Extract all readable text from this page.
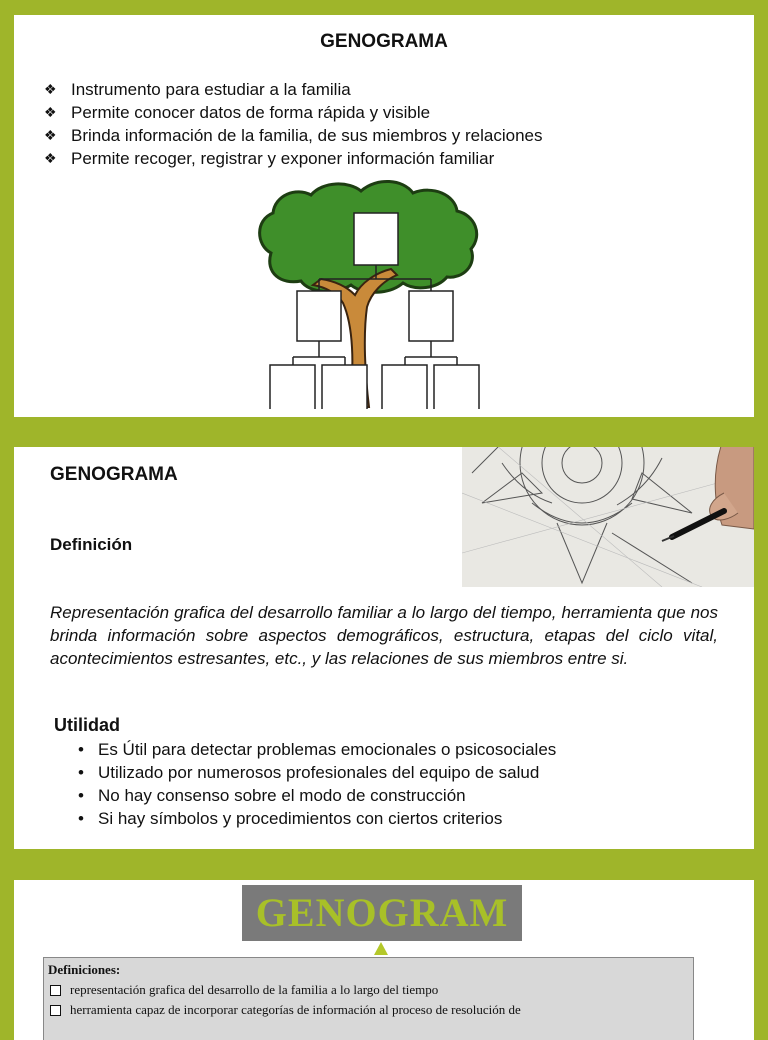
GENOGRAMA
❖ Instrumento para estudiar a la familia
❖ Permite conocer datos de forma rápida y visible
❖ Brinda información de la familia, de sus miembros y relaciones
❖ Permite recoger, registrar y exponer información familiar
GENOGRAMA
Definición

Representación grafica del desarrollo familiar a lo largo del tiempo, herramienta que nos brinda información sobre aspectos demográficos, estructura, etapas del ciclo vital, acontecimientos estresantes, etc., y las relaciones de sus miembros entre si.

Utilidad
• Es Útil para detectar problemas emocionales o psicosociales
• Utilizado por numerosos profesionales del equipo de salud
• No hay consenso sobre el modo de construcción
• Si hay símbolos y procedimientos con ciertos criterios
GENOGRAM
Definiciones:
representación grafica del desarrollo de la familia a lo largo del tiempo
herramienta capaz de incorporar categorías de información al proceso de resolución de
